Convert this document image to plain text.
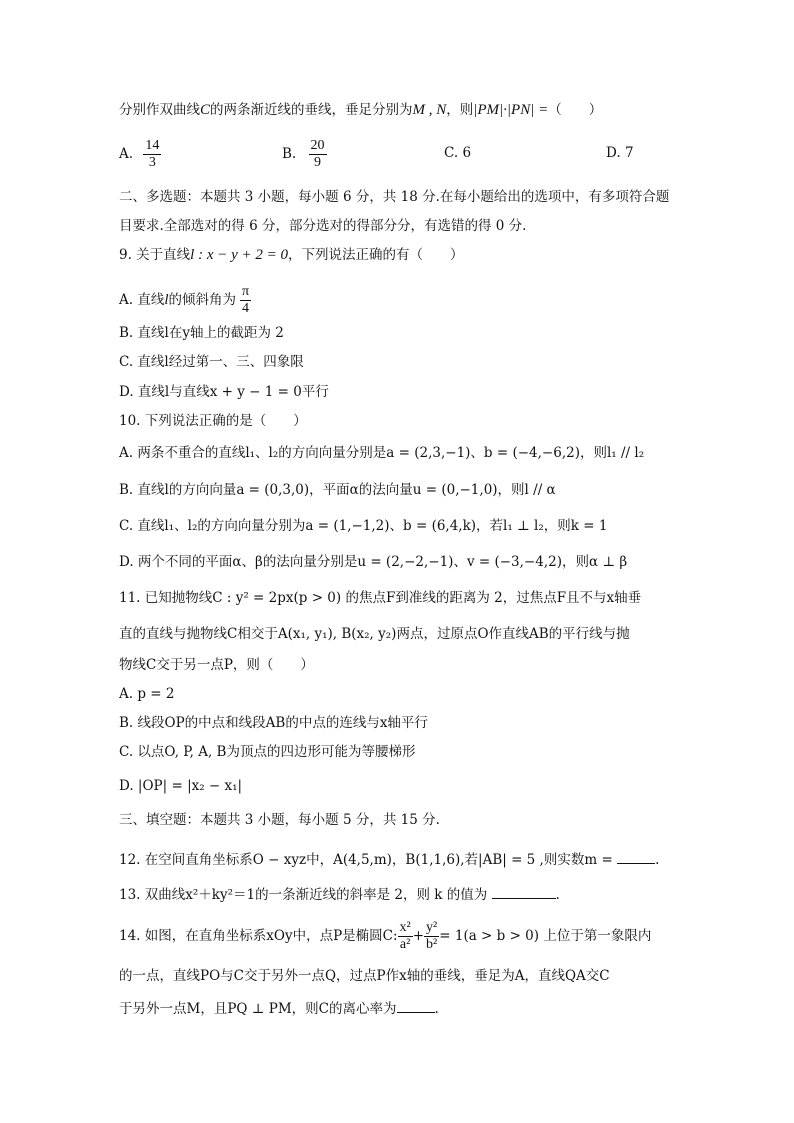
分别作双曲线C的两条渐近线的垂线，垂足分别为M , N，则|PM|·|PN| =（　　）
A. $\frac{14}{3}$	B. $\frac{20}{9}$	C. 6	D. 7
二、多选题：本题共 3 小题，每小题 6 分，共 18 分.在每小题给出的选项中，有多项符合题
目要求.全部选对的得 6 分，部分选对的得部分分，有选错的得 0 分.
9. 关于直线l : x − y + 2 = 0，下列说法正确的有（　　）
A. 直线l的倾斜角为 $\frac{\pi}{4}$
B. 直线l在y轴上的截距为 2
C. 直线l经过第一、三、四象限
D. 直线l与直线x + y − 1 = 0平行
10. 下列说法正确的是（　　）
A. 两条不重合的直线l₁、l₂的方向向量分别是a = (2,3,−1)、b = (−4,−6,2)，则l₁ // l₂
B. 直线l的方向向量a = (0,3,0)，平面α的法向量u = (0,−1,0)，则l // α
C. 直线l₁、l₂的方向向量分别为a = (1,−1,2)、b = (6,4,k)，若l₁ ⊥ l₂，则k = 1
D. 两个不同的平面α、β的法向量分别是u = (2,−2,−1)、v = (−3,−4,2)，则α ⊥ β
11. 已知抛物线C : y² = 2px(p > 0) 的焦点F到准线的距离为 2，过焦点F且不与x轴垂
直的直线与抛物线C相交于A(x₁, y₁), B(x₂, y₂)两点，过原点O作直线AB的平行线与抛
物线C交于另一点P，则（　　）
A. p = 2
B. 线段OP的中点和线段AB的中点的连线与x轴平行
C. 以点O, P, A, B为顶点的四边形可能为等腰梯形
D. |OP| = |x₂ − x₁|
三、填空题：本题共 3 小题，每小题 5 分，共 15 分.
12. 在空间直角坐标系O − xyz中，A(4,5,m)，B(1,1,6),若|AB| = 5 ,则实数m =	.
13. 双曲线x²＋ky²＝1的一条渐近线的斜率是 2，则 k 的值为	.
14. 如图，在直角坐标系xOy中，点P是椭圆C: $\frac{\text{x²}}{\text{a²}} + \frac{\text{y²}}{\text{b²}} = 1(a > b > 0)$ 上位于第一象限内
的一点，直线PO与C交于另外一点Q，过点P作x轴的垂线，垂足为A，直线QA交C
于另外一点M，且PQ ⊥ PM，则C的离心率为	.
